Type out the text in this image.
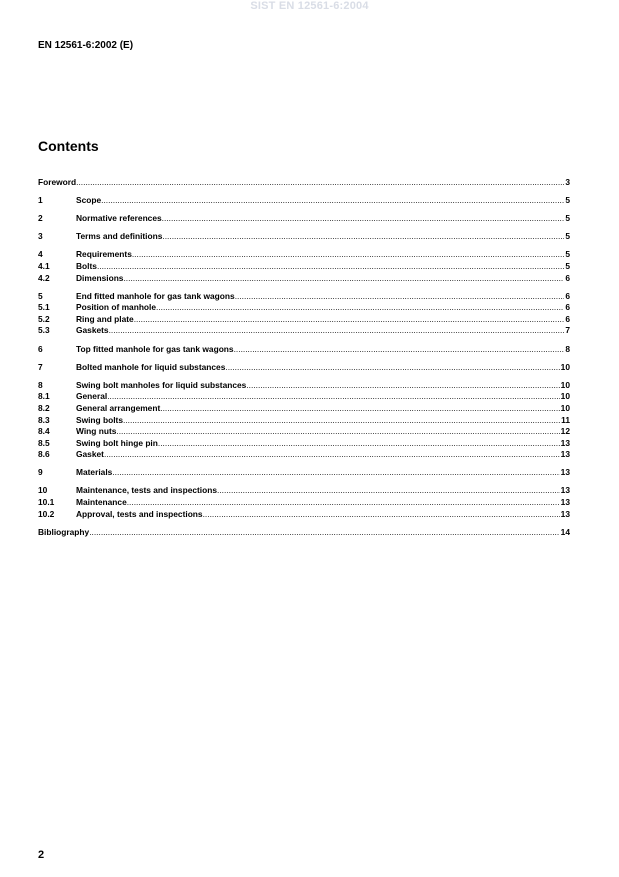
SIST EN 12561-6:2004
EN 12561-6:2002 (E)
Contents
Foreword .....	3
1	Scope .....	5
2	Normative references .....	5
3	Terms and definitions .....	5
4	Requirements .....	5
4.1	Bolts .....	5
4.2	Dimensions .....	6
5	End fitted manhole for gas tank wagons .....	6
5.1	Position of manhole .....	6
5.2	Ring and plate .....	6
5.3	Gaskets .....	7
6	Top fitted manhole for gas tank wagons .....	8
7	Bolted manhole for liquid substances .....	10
8	Swing bolt manholes for liquid substances .....	10
8.1	General .....	10
8.2	General arrangement .....	10
8.3	Swing bolts .....	11
8.4	Wing nuts .....	12
8.5	Swing bolt hinge pin .....	13
8.6	Gasket .....	13
9	Materials .....	13
10	Maintenance, tests and inspections .....	13
10.1	Maintenance .....	13
10.2	Approval, tests and inspections .....	13
Bibliography .....	14
2
